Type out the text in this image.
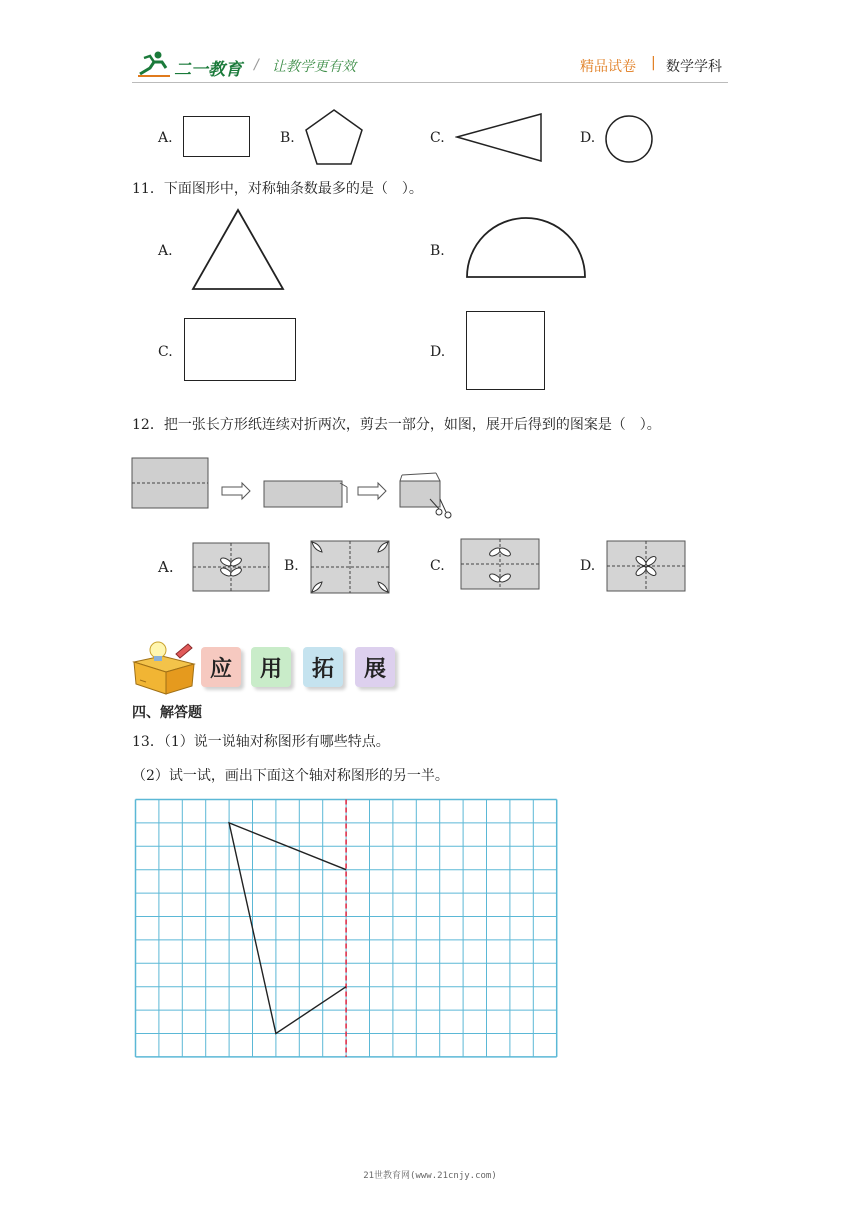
二一教育 / 让教学更有效	精品试卷 | 数学学科
A.	B.	C.	D.
11．下面图形中，对称轴条数最多的是（　）。
A.	B.
C.	D.
12．把一张长方形纸连续对折两次，剪去一部分，如图，展开后得到的图案是（　）。
A.	B.	C.	D.
应	用	拓	展
四、解答题
13．（1）说一说轴对称图形有哪些特点。
（2）试一试，画出下面这个轴对称图形的另一半。
21世教育网(www.21cnjy.com)
